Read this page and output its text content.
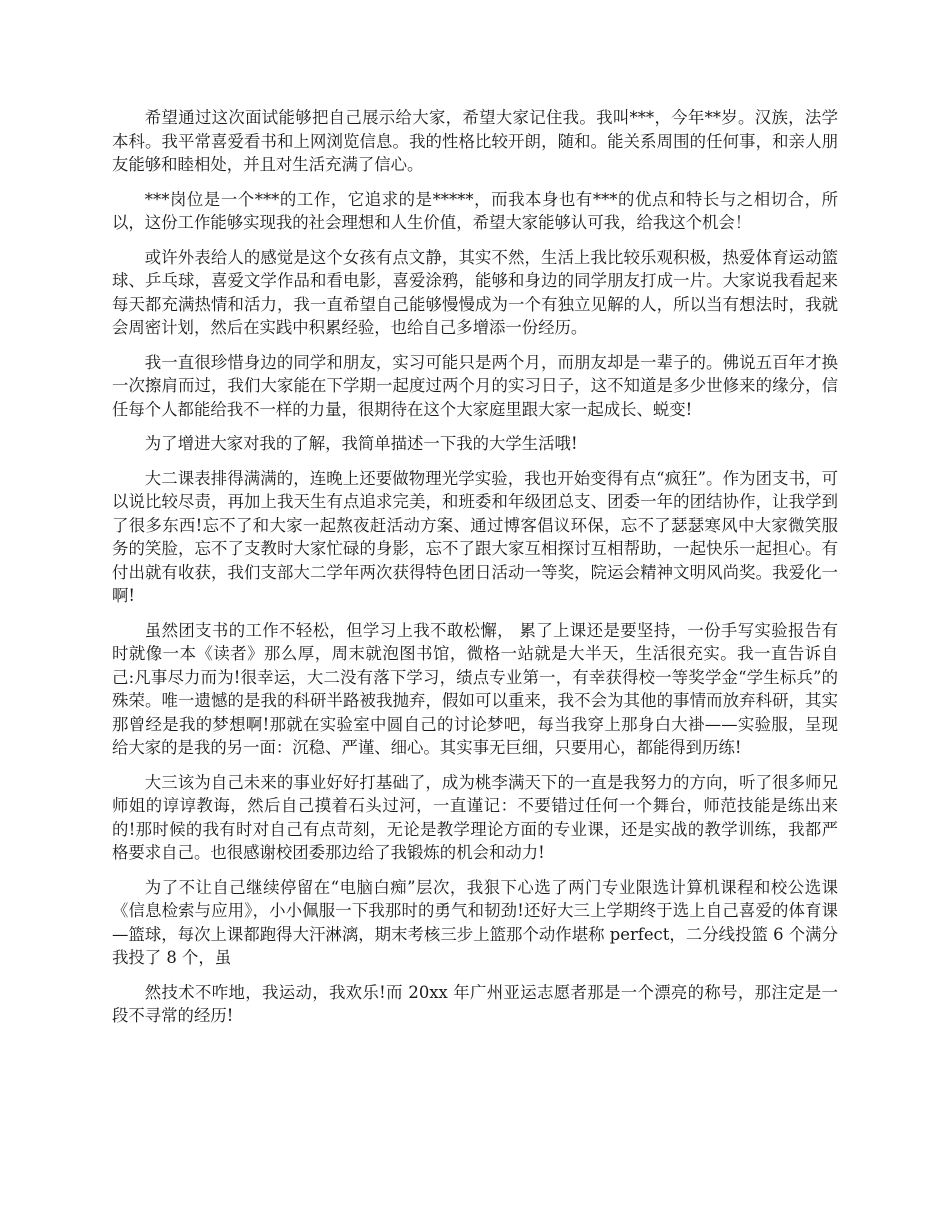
希望通过这次面试能够把自己展示给大家，希望大家记住我。我叫***，今年**岁。汉族，法学本科。我平常喜爱看书和上网浏览信息。我的性格比较开朗，随和。能关系周围的任何事，和亲人朋友能够和睦相处，并且对生活充满了信心。

***岗位是一个***的工作，它追求的是*****，而我本身也有***的优点和特长与之相切合，所以，这份工作能够实现我的社会理想和人生价值，希望大家能够认可我，给我这个机会！

或许外表给人的感觉是这个女孩有点文静，其实不然，生活上我比较乐观积极，热爱体育运动篮球、乒乓球，喜爱文学作品和看电影，喜爱涂鸦，能够和身边的同学朋友打成一片。大家说我看起来每天都充满热情和活力，我一直希望自己能够慢慢成为一个有独立见解的人，所以当有想法时，我就会周密计划，然后在实践中积累经验，也给自己多增添一份经历。

我一直很珍惜身边的同学和朋友，实习可能只是两个月，而朋友却是一辈子的。佛说五百年才换一次擦肩而过，我们大家能在下学期一起度过两个月的实习日子，这不知道是多少世修来的缘分，信任每个人都能给我不一样的力量，很期待在这个大家庭里跟大家一起成长、蜕变!

为了增进大家对我的了解，我简单描述一下我的大学生活哦!

大二课表排得满满的，连晚上还要做物理光学实验，我也开始变得有点“疯狂”。作为团支书，可以说比较尽责，再加上我天生有点追求完美，和班委和年级团总支、团委一年的团结协作，让我学到了很多东西!忘不了和大家一起熬夜赶活动方案、通过博客倡议环保，忘不了瑟瑟寒风中大家微笑服务的笑脸，忘不了支教时大家忙碌的身影，忘不了跟大家互相探讨互相帮助，一起快乐一起担心。有付出就有收获，我们支部大二学年两次获得特色团日活动一等奖，院运会精神文明风尚奖。我爱化一啊!

虽然团支书的工作不轻松，但学习上我不敢松懈， 累了上课还是要坚持，一份手写实验报告有时就像一本《读者》那么厚，周末就泡图书馆，微格一站就是大半天，生活很充实。我一直告诉自己:凡事尽力而为!很幸运，大二没有落下学习，绩点专业第一，有幸获得校一等奖学金“学生标兵”的殊荣。唯一遗憾的是我的科研半路被我抛弃，假如可以重来，我不会为其他的事情而放弃科研，其实那曾经是我的梦想啊!那就在实验室中圆自己的讨论梦吧，每当我穿上那身白大褂——实验服，呈现给大家的是我的另一面：沉稳、严谨、细心。其实事无巨细，只要用心，都能得到历练!

大三该为自己未来的事业好好打基础了，成为桃李满天下的一直是我努力的方向，听了很多师兄师姐的谆谆教诲，然后自己摸着石头过河，一直谨记：不要错过任何一个舞台，师范技能是练出来的!那时候的我有时对自己有点苛刻，无论是教学理论方面的专业课，还是实战的教学训练，我都严格要求自己。也很感谢校团委那边给了我锻炼的机会和动力!

为了不让自己继续停留在“电脑白痴”层次，我狠下心选了两门专业限选计算机课程和校公选课《信息检索与应用》，小小佩服一下我那时的勇气和韧劲!还好大三上学期终于选上自己喜爱的体育课—篮球，每次上课都跑得大汗淋漓，期末考核三步上篮那个动作堪称 perfect，二分线投篮 6 个满分我投了 8 个，虽

然技术不咋地，我运动，我欢乐!而 20xx 年广州亚运志愿者那是一个漂亮的称号，那注定是一段不寻常的经历!
